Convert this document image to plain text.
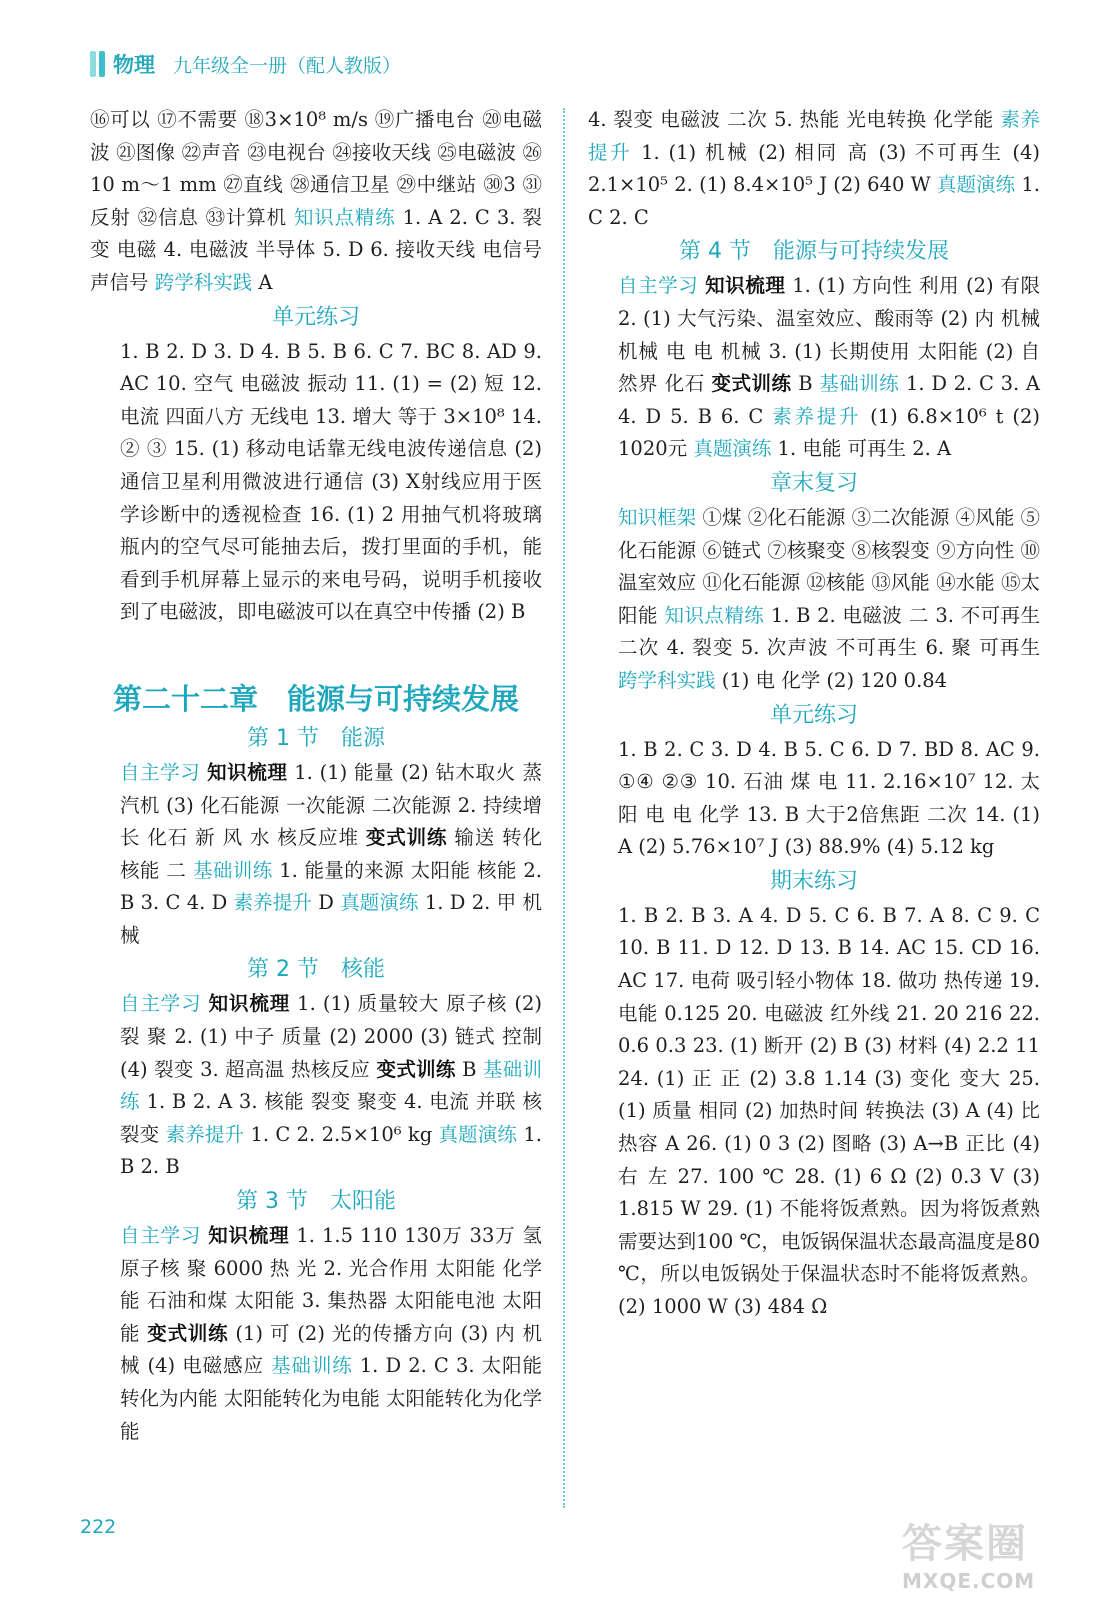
物理 九年级全一册（配人教版）

⑯可以 ⑰不需要 ⑱3×10⁸ m/s ⑲广播电台 ⑳电磁波 ㉑图像 ㉒声音 ㉓电视台 ㉔接收天线 ㉕电磁波 ㉖10 m～1 mm ㉗直线 ㉘通信卫星 ㉙中继站 ㉚3 ㉛反射 ㉜信息 ㉝计算机 知识点精练 1. A 2. C 3. 裂变 电磁 4. 电磁波 半导体 5. D 6. 接收天线 电信号 声信号 跨学科实践 A

单元练习

1. B 2. D 3. D 4. B 5. B 6. C 7. BC 8. AD 9. AC 10. 空气 电磁波 振动 11. (1) = (2) 短 12. 电流 四面八方 无线电 13. 增大 等于 3×10⁸ 14. ② ③ 15. (1) 移动电话靠无线电波传递信息 (2) 通信卫星利用微波进行通信 (3) X射线应用于医学诊断中的透视检查 16. (1) 2 用抽气机将玻璃瓶内的空气尽可能抽去后，拨打里面的手机，能看到手机屏幕上显示的来电号码，说明手机接收到了电磁波，即电磁波可以在真空中传播 (2) B

第二十二章　能源与可持续发展
第 1 节　能源

自主学习 知识梳理 1. (1) 能量 (2) 钻木取火 蒸汽机 (3) 化石能源 一次能源 二次能源 2. 持续增长 化石 新 风 水 核反应堆 变式训练 输送 转化 核能 二 基础训练 1. 能量的来源 太阳能 核能 2. B 3. C 4. D 素养提升 D 真题演练 1. D 2. 甲 机械

第 2 节　核能

自主学习 知识梳理 1. (1) 质量较大 原子核 (2) 裂 聚 2. (1) 中子 质量 (2) 2000 (3) 链式 控制 (4) 裂变 3. 超高温 热核反应 变式训练 B 基础训练 1. B 2. A 3. 核能 裂变 聚变 4. 电流 并联 核裂变 素养提升 1. C 2. 2.5×10⁶ kg 真题演练 1. B 2. B

第 3 节　太阳能

自主学习 知识梳理 1. 1.5 110 130万 33万 氢原子核 聚 6000 热 光 2. 光合作用 太阳能 化学能 石油和煤 太阳能 3. 集热器 太阳能电池 太阳能 变式训练 (1) 可 (2) 光的传播方向 (3) 内 机械 (4) 电磁感应 基础训练 1. D 2. C 3. 太阳能转化为内能 太阳能转化为电能 太阳能转化为化学能

4. 裂变 电磁波 二次 5. 热能 光电转换 化学能 素养提升 1. (1) 机械 (2) 相同 高 (3) 不可再生 (4) 2.1×10⁵ 2. (1) 8.4×10⁵ J (2) 640 W 真题演练 1. C 2. C

第 4 节　能源与可持续发展

自主学习 知识梳理 1. (1) 方向性 利用 (2) 有限 2. (1) 大气污染、温室效应、酸雨等 (2) 内 机械 机械 电 电 机械 3. (1) 长期使用 太阳能 (2) 自然界 化石 变式训练 B 基础训练 1. D 2. C 3. A 4. D 5. B 6. C 素养提升 (1) 6.8×10⁶ t (2) 1020元 真题演练 1. 电能 可再生 2. A

章末复习

知识框架 ①煤 ②化石能源 ③二次能源 ④风能 ⑤化石能源 ⑥链式 ⑦核聚变 ⑧核裂变 ⑨方向性 ⑩温室效应 ⑪化石能源 ⑫核能 ⑬风能 ⑭水能 ⑮太阳能 知识点精练 1. B 2. 电磁波 二 3. 不可再生 二次 4. 裂变 5. 次声波 不可再生 6. 聚 可再生 跨学科实践 (1) 电 化学 (2) 120 0.84

单元练习

1. B 2. C 3. D 4. B 5. C 6. D 7. BD 8. AC 9. ①④ ②③ 10. 石油 煤 电 11. 2.16×10⁷ 12. 太阳 电 电 化学 13. B 大于2倍焦距 二次 14. (1) A (2) 5.76×10⁷ J (3) 88.9% (4) 5.12 kg

期末练习

1. B 2. B 3. A 4. D 5. C 6. B 7. A 8. C 9. C 10. B 11. D 12. D 13. B 14. AC 15. CD 16. AC 17. 电荷 吸引轻小物体 18. 做功 热传递 19. 电能 0.125 20. 电磁波 红外线 21. 20 216 22. 0.6 0.3 23. (1) 断开 (2) B (3) 材料 (4) 2.2 11 24. (1) 正 正 (2) 3.8 1.14 (3) 变化 变大 25. (1) 质量 相同 (2) 加热时间 转换法 (3) A (4) 比热容 A 26. (1) 0 3 (2) 图略 (3) A→B 正比 (4) 右 左 27. 100 ℃ 28. (1) 6 Ω (2) 0.3 V (3) 1.815 W 29. (1) 不能将饭煮熟。因为将饭煮熟需要达到100 ℃，电饭锅保温状态最高温度是80 ℃，所以电饭锅处于保温状态时不能将饭煮熟。 (2) 1000 W (3) 484 Ω

222	答案圈
MXQE.COM
